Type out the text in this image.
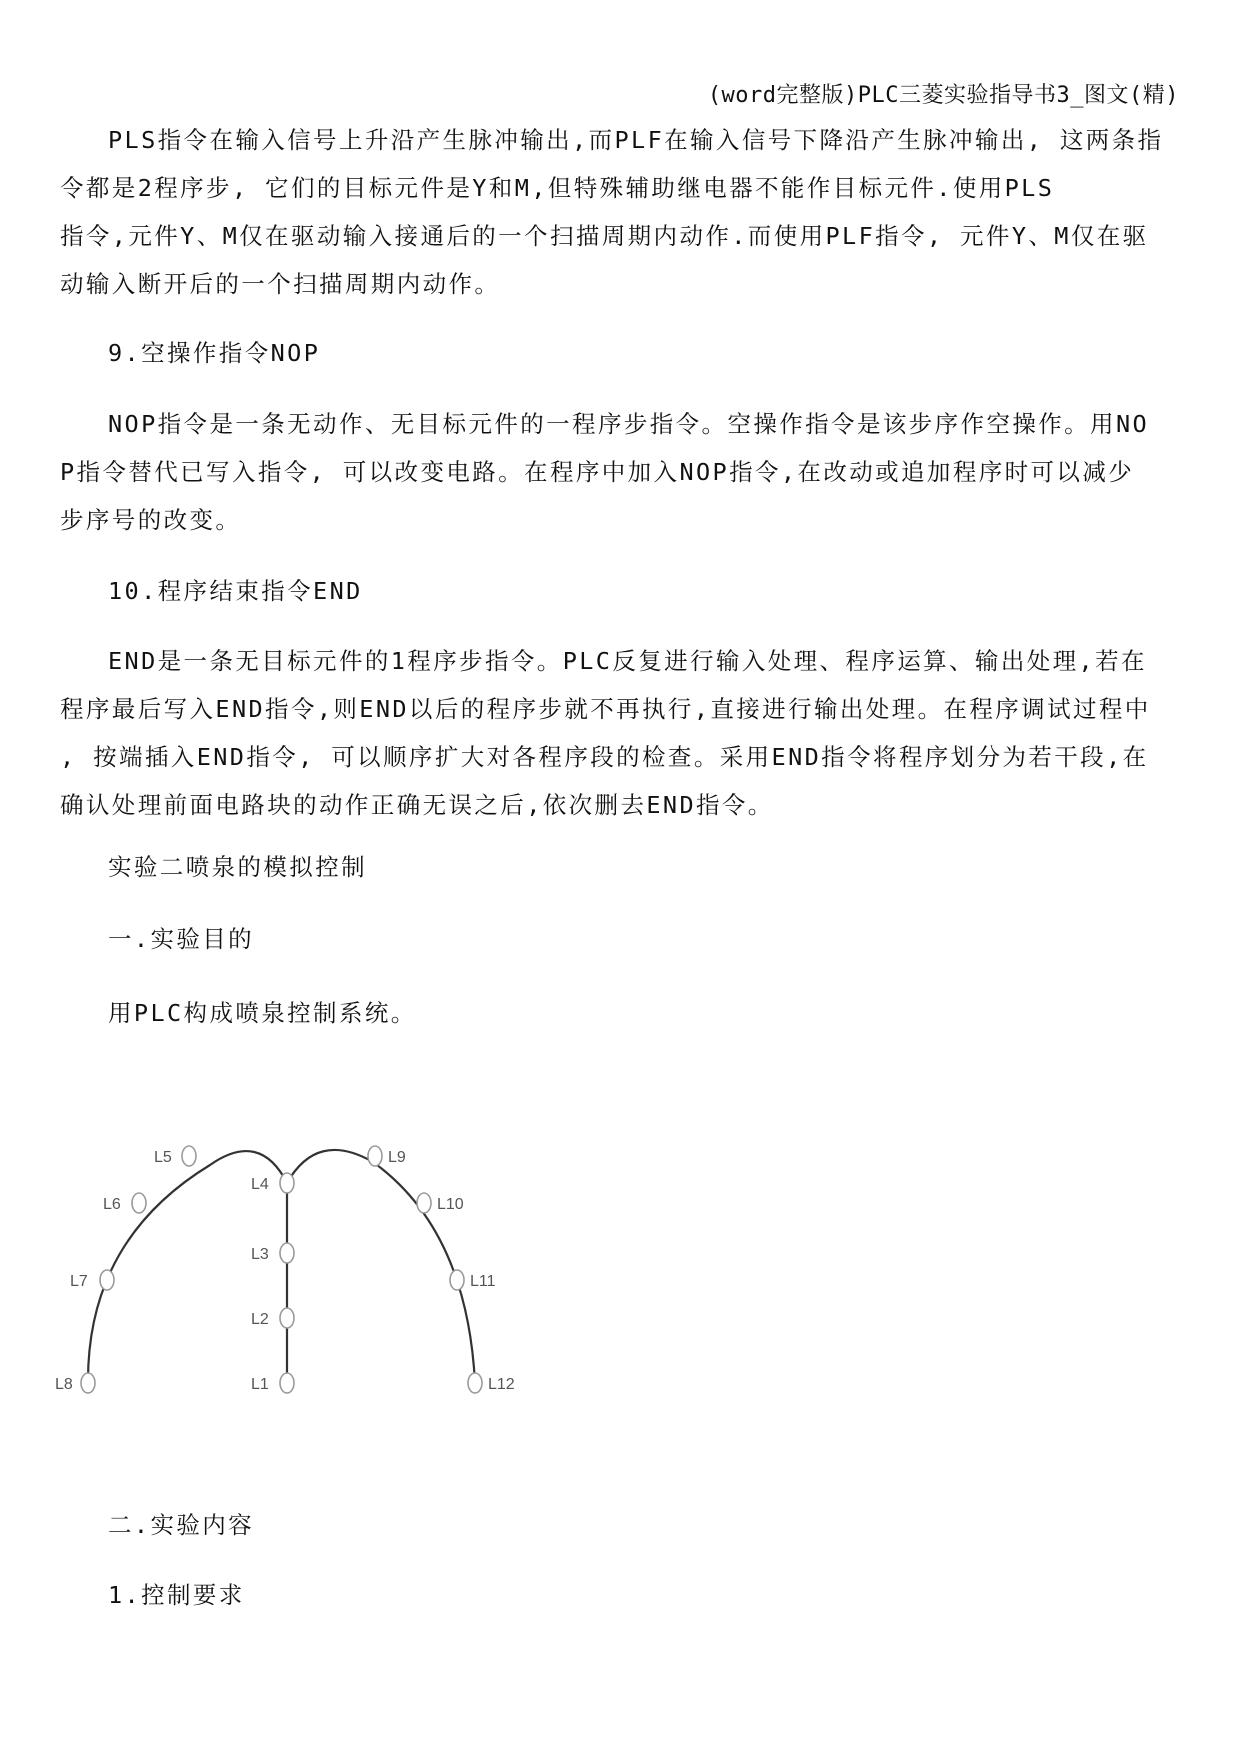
(word完整版)PLC三菱实验指导书3_图文(精)
PLS指令在输入信号上升沿产生脉冲输出,而PLF在输入信号下降沿产生脉冲输出, 这两条指
令都是2程序步, 它们的目标元件是Y和M,但特殊辅助继电器不能作目标元件.使用PLS
指令,元件Y、M仅在驱动输入接通后的一个扫描周期内动作.而使用PLF指令, 元件Y、M仅在驱
动输入断开后的一个扫描周期内动作。
9.空操作指令NOP
NOP指令是一条无动作、无目标元件的一程序步指令。空操作指令是该步序作空操作。用NO
P指令替代已写入指令, 可以改变电路。在程序中加入NOP指令,在改动或追加程序时可以减少
步序号的改变。
10.程序结束指令END
END是一条无目标元件的1程序步指令。PLC反复进行输入处理、程序运算、输出处理,若在
程序最后写入END指令,则END以后的程序步就不再执行,直接进行输出处理。在程序调试过程中
, 按端插入END指令, 可以顺序扩大对各程序段的检查。采用END指令将程序划分为若干段,在
确认处理前面电路块的动作正确无误之后,依次删去END指令。
实验二喷泉的模拟控制
一.实验目的
用PLC构成喷泉控制系统。
L1
L2
L3
L4
L5
L6
L7
L8
L9
L10
L11
L12
二.实验内容
1.控制要求
